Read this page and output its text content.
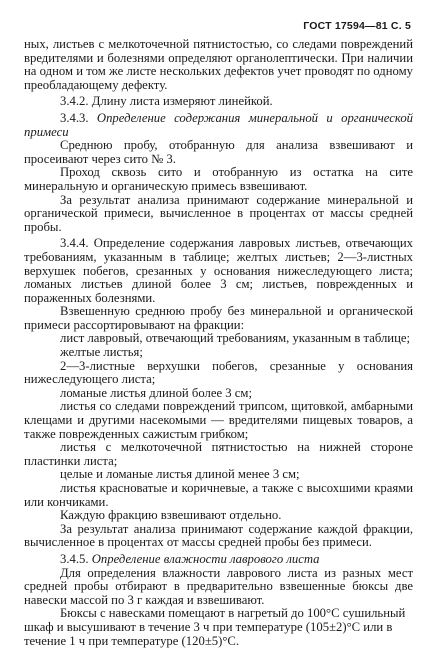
ГОСТ 17594—81 С. 5

ных, листьев с мелкоточечной пятнистостью, со следами повреждений вредителями и болезнями определяют органолептически. При наличии на одном и том же листе нескольких дефектов учет проводят по одному преобладающему дефекту.

3.4.2. Длину листа измеряют линейкой.

3.4.3. Определение содержания минеральной и органической примеси

Среднюю пробу, отобранную для анализа взвешивают и просеивают через сито № 3.

Проход сквозь сито и отобранную из остатка на сите минеральную и органическую примесь взвешивают.

За результат анализа принимают содержание минеральной и органической примеси, вычисленное в процентах от массы средней пробы.

3.4.4. Определение содержания лавровых листьев, отвечающих требованиям, указанным в таблице; желтых листьев; 2—3-листных верхушек побегов, срезанных у основания нижеследующего листа; ломаных листьев длиной более 3 см; листьев, поврежденных и пораженных болезнями.

Взвешенную среднюю пробу без минеральной и органической примеси рассортировывают на фракции:

лист лавровый, отвечающий требованиям, указанным в таблице;

желтые листья;

2—3-листные верхушки побегов, срезанные у основания нижеследующего листа;

ломаные листья длиной более 3 см;

листья со следами повреждений трипсом, щитовкой, амбарными клещами и другими насекомыми — вредителями пищевых товаров, а также поврежденных сажистым грибком;

листья с мелкоточечной пятнистостью на нижней стороне пластинки листа;

целые и ломаные листья длиной менее 3 см;

листья красноватые и коричневые, а также с высохшими краями или кончиками.

Каждую фракцию взвешивают отдельно.

За результат анализа принимают содержание каждой фракции, вычисленное в процентах от массы средней пробы без примеси.

3.4.5. Определение влажности лаврового листа

Для определения влажности лаврового листа из разных мест средней пробы отбирают в предварительно взвешенные бюксы две навески массой по 3 г каждая и взвешивают.

Бюксы с навесками помещают в нагретый до 100°С сушильный шкаф и высушивают в течение 3 ч при температуре (105±2)°С или в течение 1 ч при температуре (120±5)°С.
